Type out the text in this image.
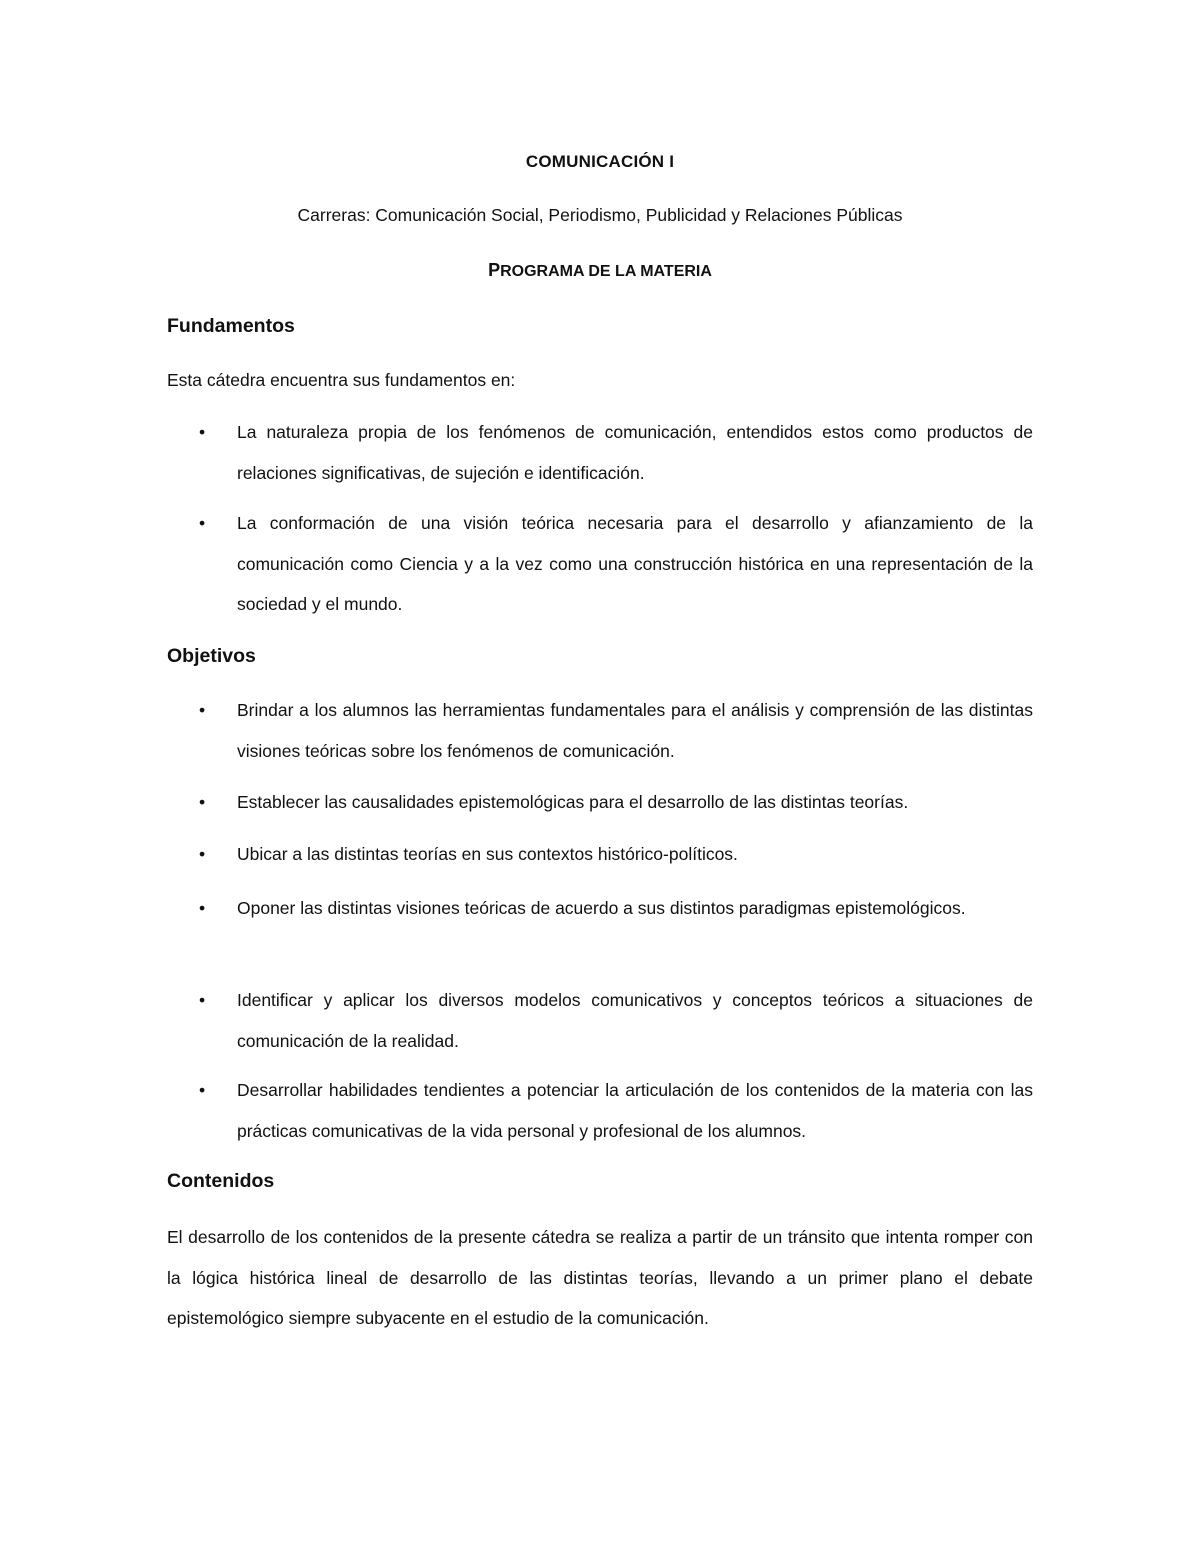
COMUNICACIÓN I
Carreras: Comunicación Social, Periodismo, Publicidad y Relaciones Públicas
PROGRAMA DE LA MATERIA
Fundamentos
Esta cátedra encuentra sus fundamentos en:
•	La naturaleza propia de los fenómenos de comunicación, entendidos estos como productos de relaciones significativas, de sujeción e identificación.
•	La conformación de una visión teórica necesaria para el desarrollo y afianzamiento de la comunicación como Ciencia y a la vez como una construcción histórica en una representación de la sociedad y el mundo.
Objetivos
•	Brindar a los alumnos las herramientas fundamentales para el análisis y comprensión de las distintas visiones teóricas sobre los fenómenos de comunicación.
•	Establecer las causalidades epistemológicas para el desarrollo de las distintas teorías.
•	Ubicar a las distintas teorías en sus contextos histórico-políticos.
•	Oponer las distintas visiones teóricas de acuerdo a sus distintos paradigmas epistemológicos.
•	Identificar y aplicar los diversos modelos comunicativos y conceptos teóricos a situaciones de comunicación de la realidad.
•	Desarrollar habilidades tendientes a potenciar la articulación de los contenidos de la materia con las prácticas comunicativas de la vida personal y profesional de los alumnos.
Contenidos
El desarrollo de los contenidos de la presente cátedra se realiza a partir de un tránsito que intenta romper con la lógica histórica lineal de desarrollo de las distintas teorías, llevando a un primer plano el debate epistemológico siempre subyacente en el estudio de la comunicación.
